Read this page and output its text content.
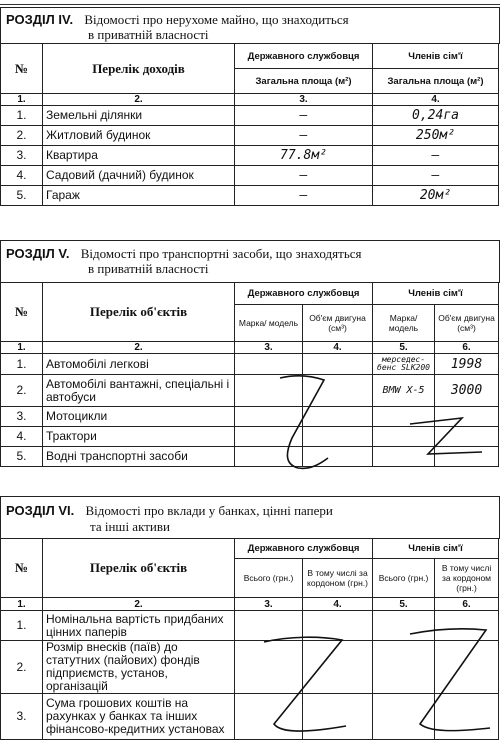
РОЗДІЛ IV. Відомості про нерухоме майно, що знаходиться
в приватній власності
№	Перелік доходів	Державного службовця	Членів сім'ї
		Загальна площа (м²)	Загальна площа (м²)
1.	2.	3.	4.
1.	Земельні ділянки	—	0,24га
2.	Житловий будинок	—	250м²
3.	Квартира	77.8м²	—
4.	Садовий (дачний) будинок	—	—
5.	Гараж	—	20м²
РОЗДІЛ V. Відомості про транспортні засоби, що знаходяться
в приватній власності
№	Перелік об'єктів	Державного службовця		Членів сім'ї	
		Марка/ модель	Об'єм двигуна (см³)	Марка/ модель	Об'єм двигуна (см³)
1.	2.	3.	4.	5.	6.
1.	Автомобілі легкові			мерседес-бенс SLK200	1998
2.	Автомобілі вантажні, спеціальні і автобуси			BMW X-5	3000
3.	Мотоцикли				
4.	Трактори				
5.	Водні транспортні засоби				
РОЗДІЛ VI. Відомості про вклади у банках, цінні папери
та інші активи
№	Перелік об'єктів	Державного службовця		Членів сім'ї	
		Всього (грн.)	В тому числі за кордоном (грн.)	Всього (грн.)	В тому числі за кордоном (грн.)
1.	2.	3.	4.	5.	6.
1.	Номінальна вартість придбаних цінних паперів				
2.	Розмір внесків (паїв) до статутних (пайових) фондів підприємств, установ, організацій				
3.	Сума грошових коштів на рахунках у банках та інших фінансово-кредитних установах				
